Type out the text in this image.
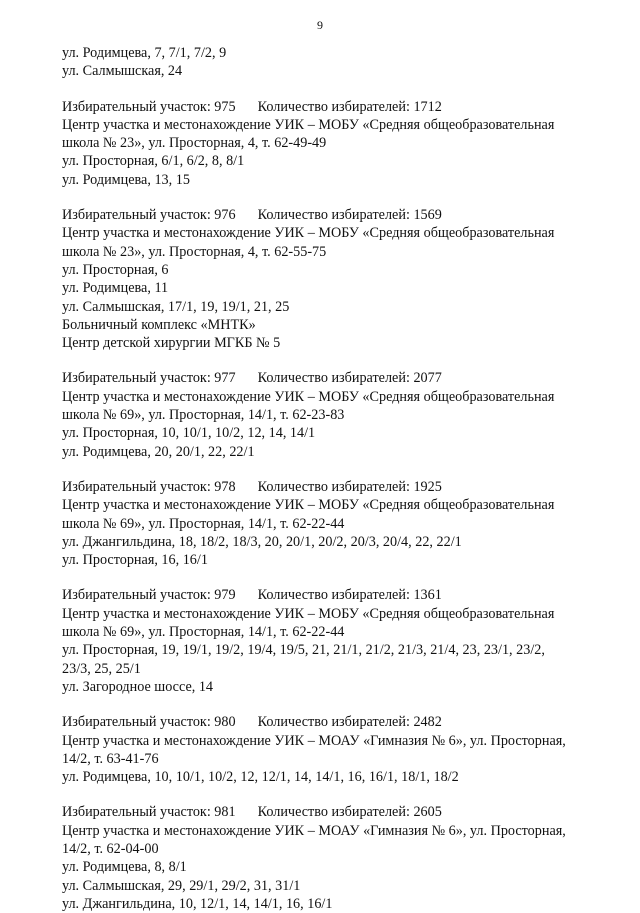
9
ул. Родимцева, 7, 7/1, 7/2, 9
ул. Салмышская, 24
Избирательный участок: 975 Количество избирателей: 1712
Центр участка и местонахождение УИК – МОБУ «Средняя общеобразовательная
школа № 23», ул. Просторная, 4, т. 62-49-49
ул. Просторная, 6/1, 6/2, 8, 8/1
ул. Родимцева, 13, 15
Избирательный участок: 976 Количество избирателей: 1569
Центр участка и местонахождение УИК – МОБУ «Средняя общеобразовательная
школа № 23», ул. Просторная, 4, т. 62-55-75
ул. Просторная, 6
ул. Родимцева, 11
ул. Салмышская, 17/1, 19, 19/1, 21, 25
Больничный комплекс «МНТК»
Центр детской хирургии МГКБ № 5
Избирательный участок: 977 Количество избирателей: 2077
Центр участка и местонахождение УИК – МОБУ «Средняя общеобразовательная
школа № 69», ул. Просторная, 14/1, т. 62-23-83
ул. Просторная, 10, 10/1, 10/2, 12, 14, 14/1
ул. Родимцева, 20, 20/1, 22, 22/1
Избирательный участок: 978 Количество избирателей: 1925
Центр участка и местонахождение УИК – МОБУ «Средняя общеобразовательная
школа № 69», ул. Просторная, 14/1, т. 62-22-44
ул. Джангильдина, 18, 18/2, 18/3, 20, 20/1, 20/2, 20/3, 20/4, 22, 22/1
ул. Просторная, 16, 16/1
Избирательный участок: 979 Количество избирателей: 1361
Центр участка и местонахождение УИК – МОБУ «Средняя общеобразовательная
школа № 69», ул. Просторная, 14/1, т. 62-22-44
ул. Просторная, 19, 19/1, 19/2, 19/4, 19/5, 21, 21/1, 21/2, 21/3, 21/4, 23, 23/1, 23/2,
23/3, 25, 25/1
ул. Загородное шоссе, 14
Избирательный участок: 980 Количество избирателей: 2482
Центр участка и местонахождение УИК – МОАУ «Гимназия № 6», ул. Просторная,
14/2, т. 63-41-76
ул. Родимцева, 10, 10/1, 10/2, 12, 12/1, 14, 14/1, 16, 16/1, 18/1, 18/2
Избирательный участок: 981 Количество избирателей: 2605
Центр участка и местонахождение УИК – МОАУ «Гимназия № 6», ул. Просторная,
14/2, т. 62-04-00
ул. Родимцева, 8, 8/1
ул. Салмышская, 29, 29/1, 29/2, 31, 31/1
ул. Джангильдина, 10, 12/1, 14, 14/1, 16, 16/1
